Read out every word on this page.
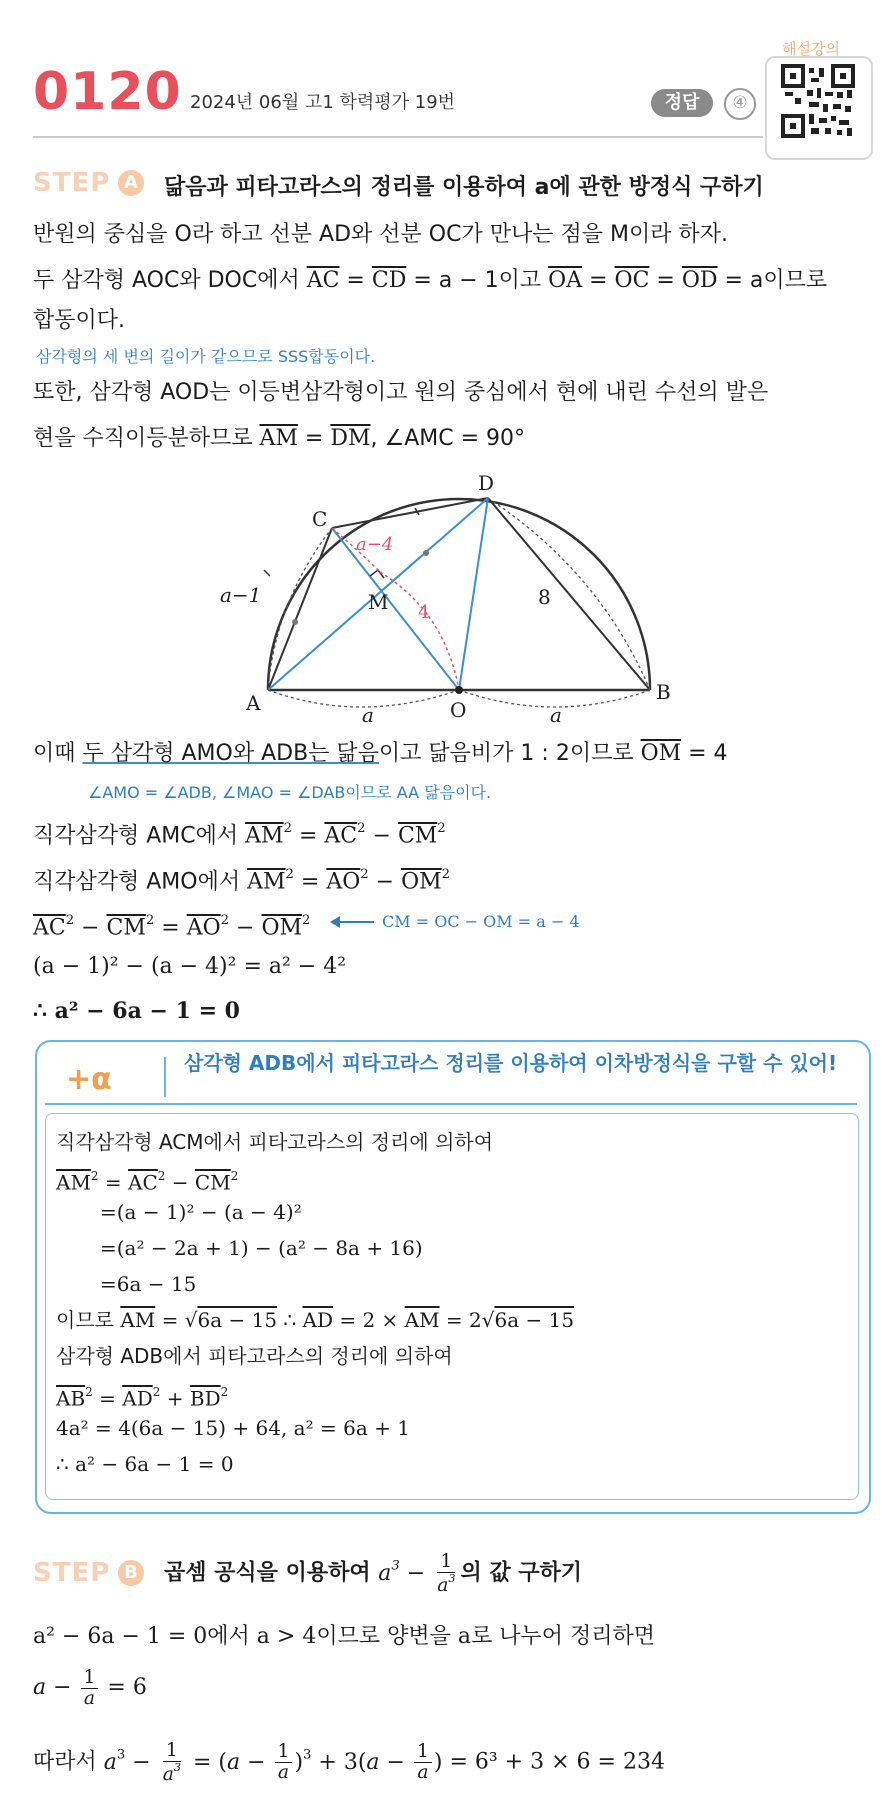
0120 2024년 06월 고1 학력평가 19번	정답	④
해설강의
STEP A 닮음과 피타고라스의 정리를 이용하여 a에 관한 방정식 구하기
반원의 중심을 O라 하고 선분 AD와 선분 OC가 만나는 점을 M이라 하자.
두 삼각형 AOC와 DOC에서 $\overline{AC} = \overline{CD} = a - 1$이고 $\overline{OA} = \overline{OC} = \overline{OD} = a$이므로
합동이다.
삼각형의 세 변의 길이가 같으므로 SSS합동이다.
또한, 삼각형 AOD는 이등변삼각형이고 원의 중심에서 현에 내린 수선의 발은
현을 수직이등분하므로 $\overline{AM} = \overline{DM}$, ∠AMC = 90°
D
C
A	O
B
M
a−1
a−4
4
8
a	a
이때 두 삼각형 AMO와 ADB는 닮음이고 닮음비가 1 : 2이므로 $\overline{OM} = 4$
∠AMO = ∠ADB, ∠MAO = ∠DAB이므로 AA 닮음이다.
직각삼각형 AMC에서 $\overline{AM}^2 = \overline{AC}^2 - \overline{CM}^2$
직각삼각형 AMO에서 $\overline{AM}^2 = \overline{AO}^2 - \overline{OM}^2$
$\overline{AC}^2 - \overline{CM}^2 = \overline{AO}^2 - \overline{OM}^2$	CM = OC − OM = a − 4
(a − 1)² − (a − 4)² = a² − 4²
∴ a² − 6a − 1 = 0
+α	삼각형 ADB에서 피타고라스 정리를 이용하여 이차방정식을 구할 수 있어!
직각삼각형 ACM에서 피타고라스의 정리에 의하여
$\overline{AM}^2 = \overline{AC}^2 - \overline{CM}^2$
=(a − 1)² − (a − 4)²
=(a² − 2a + 1) − (a² − 8a + 16)
=6a − 15
이므로 $\overline{AM} = √6a - 15$ ∴ $\overline{AD} = 2 \times \overline{AM} = 2√6a - 15$
삼각형 ADB에서 피타고라스의 정리에 의하여
$\overline{AB}^2 = \overline{AD}^2 + \overline{BD}^2$
4a² = 4(6a − 15) + 64, a² = 6a + 1
∴ a² − 6a − 1 = 0
STEP B 곱셈 공식을 이용하여 $a^3 - \frac{1}{a^3}$ 의 값 구하기
a² − 6a − 1 = 0에서 a > 4이므로 양변을 a로 나누어 정리하면
$a - \frac{1}{a} = 6$
따라서 $a^3 - \frac{1}{a^3} = (a - \frac{1}{a} )^3 + 3(a - \frac{1}{a}$ ) = 6³ + 3 × 6 = 234
